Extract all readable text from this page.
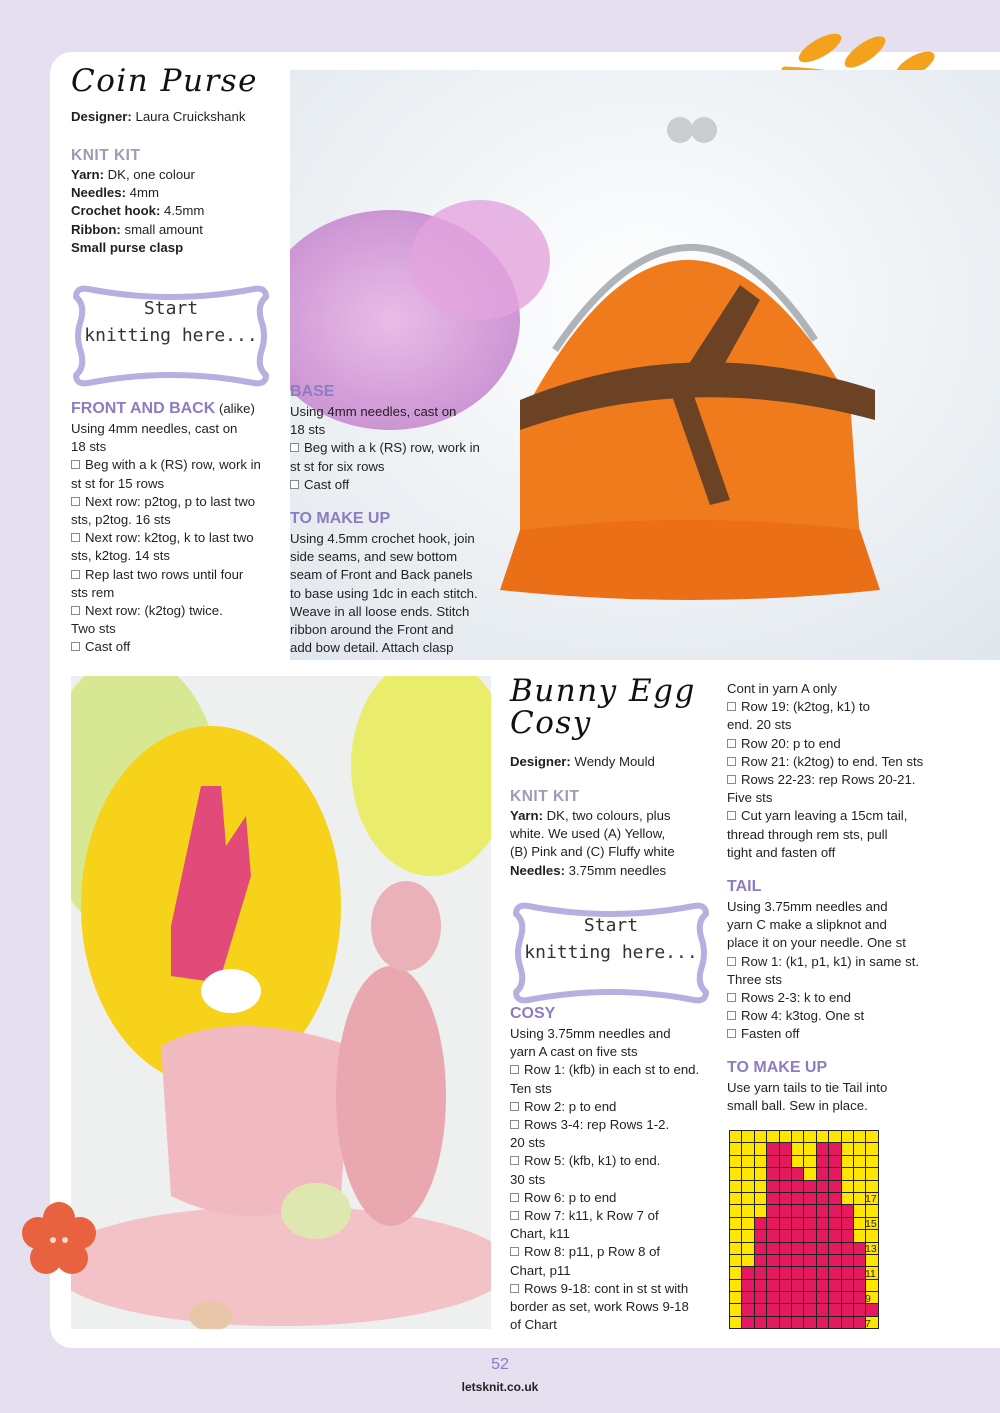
Coin Purse
Designer: Laura Cruickshank
KNIT KIT
Yarn: DK, one colour
Needles: 4mm
Crochet hook: 4.5mm
Ribbon: small amount
Small purse clasp
Start
knitting here...
FRONT AND BACK (alike)
Using 4mm needles, cast on
18 sts
Beg with a k (RS) row, work in
st st for 15 rows
Next row: p2tog, p to last two
sts, p2tog. 16 sts
Next row: k2tog, k to last two
sts, k2tog. 14 sts
Rep last two rows until four
sts rem
Next row: (k2tog) twice.
Two sts
Cast off
BASE
Using 4mm needles, cast on
18 sts
Beg with a k (RS) row, work in
st st for six rows
Cast off
TO MAKE UP
Using 4.5mm crochet hook, join
side seams, and sew bottom
seam of Front and Back panels
to base using 1dc in each stitch.
Weave in all loose ends. Stitch
ribbon around the Front and
add bow detail. Attach clasp
Bunny Egg
Cosy
Designer: Wendy Mould
KNIT KIT
Yarn: DK, two colours, plus
white. We used (A) Yellow,
(B) Pink and (C) Fluffy white
Needles: 3.75mm needles
Start
knitting here...
COSY
Using 3.75mm needles and
yarn A cast on five sts
Row 1: (kfb) in each st to end.
Ten sts
Row 2: p to end
Rows 3-4: rep Rows 1-2.
20 sts
Row 5: (kfb, k1) to end.
30 sts
Row 6: p to end
Row 7: k11, k Row 7 of
Chart, k11
Row 8: p11, p Row 8 of
Chart, p11
Rows 9-18: cont in st st with
border as set, work Rows 9-18
of Chart
Cont in yarn A only
Row 19: (k2tog, k1) to
end. 20 sts
Row 20: p to end
Row 21: (k2tog) to end. Ten sts
Rows 22-23: rep Rows 20-21.
Five sts
Cut yarn leaving a 15cm tail,
thread through rem sts, pull
tight and fasten off
TAIL
Using 3.75mm needles and
yarn C make a slipknot and
place it on your needle. One st
Row 1: (k1, p1, k1) in same st.
Three sts
Rows 2-3: k to end
Row 4: k3tog. One st
Fasten off
TO MAKE UP
Use yarn tails to tie Tail into
small ball. Sew in place.

17
15
13
11
9
7
52
letsknit.co.uk
